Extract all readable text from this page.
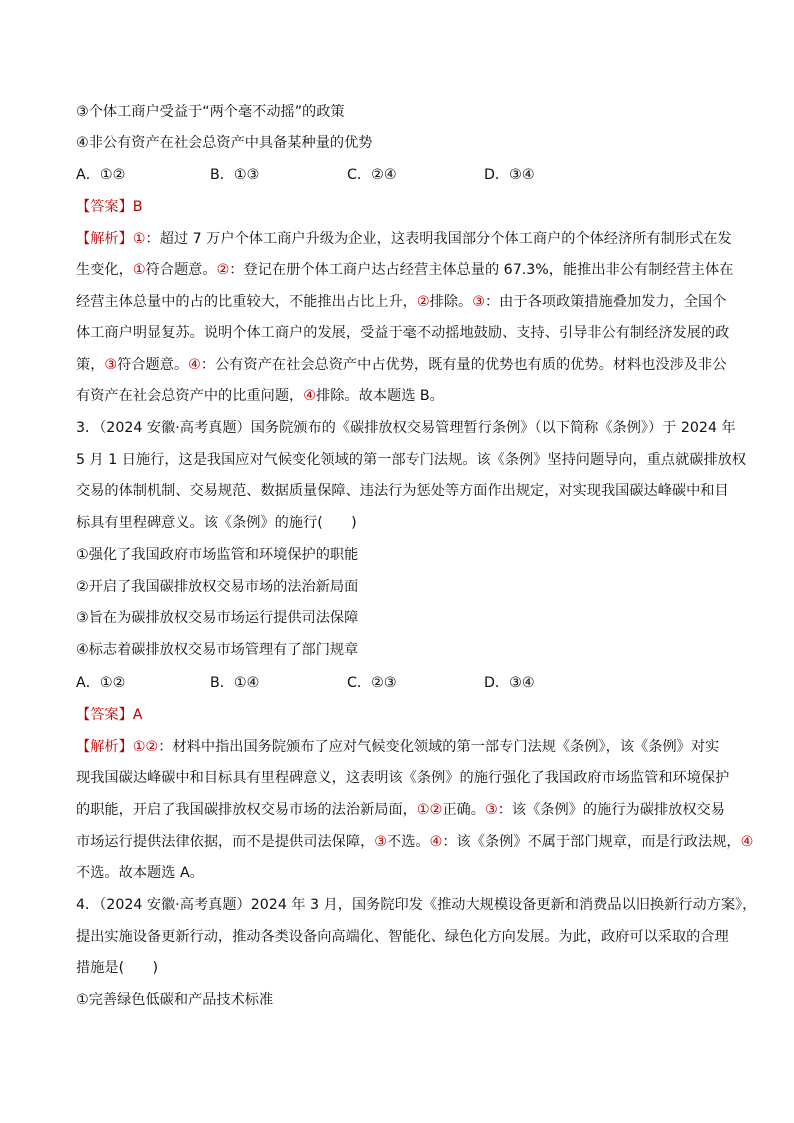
③个体工商户受益于“两个毫不动摇”的政策
④非公有资产在社会总资产中具备某种量的优势
A．①②	B．①③	C．②④	D．③④
【答案】B
【解析】①：超过 7 万户个体工商户升级为企业，这表明我国部分个体工商户的个体经济所有制形式在发
生变化，①符合题意。②：登记在册个体工商户达占经营主体总量的 67.3%，能推出非公有制经营主体在
经营主体总量中的占的比重较大，不能推出占比上升，②排除。③：由于各项政策措施叠加发力，全国个
体工商户明显复苏。说明个体工商户的发展，受益于毫不动摇地鼓励、支持、引导非公有制经济发展的政
策，③符合题意。④：公有资产在社会总资产中占优势，既有量的优势也有质的优势。材料也没涉及非公
有资产在社会总资产中的比重问题，④排除。故本题选 B。
3．（2024 安徽·高考真题）国务院颁布的《碳排放权交易管理暂行条例》（以下简称《条例》）于 2024 年
5 月 1 日施行，这是我国应对气候变化领域的第一部专门法规。该《条例》坚持问题导向，重点就碳排放权
交易的体制机制、交易规范、数据质量保障、违法行为惩处等方面作出规定，对实现我国碳达峰碳中和目
标具有里程碑意义。该《条例》的施行(　　)
①强化了我国政府市场监管和环境保护的职能
②开启了我国碳排放权交易市场的法治新局面
③旨在为碳排放权交易市场运行提供司法保障
④标志着碳排放权交易市场管理有了部门规章
A．①②	B．①④	C．②③	D．③④
【答案】A
【解析】①②：材料中指出国务院颁布了应对气候变化领域的第一部专门法规《条例》，该《条例》对实
现我国碳达峰碳中和目标具有里程碑意义，这表明该《条例》的施行强化了我国政府市场监管和环境保护
的职能，开启了我国碳排放权交易市场的法治新局面，①②正确。③：该《条例》的施行为碳排放权交易
市场运行提供法律依据，而不是提供司法保障，③不选。④：该《条例》不属于部门规章，而是行政法规，④
不选。故本题选 A。
4．（2024 安徽·高考真题）2024 年 3 月，国务院印发《推动大规模设备更新和消费品以旧换新行动方案》，
提出实施设备更新行动，推动各类设备向高端化、智能化、绿色化方向发展。为此，政府可以采取的合理
措施是(　　)
①完善绿色低碳和产品技术标准
